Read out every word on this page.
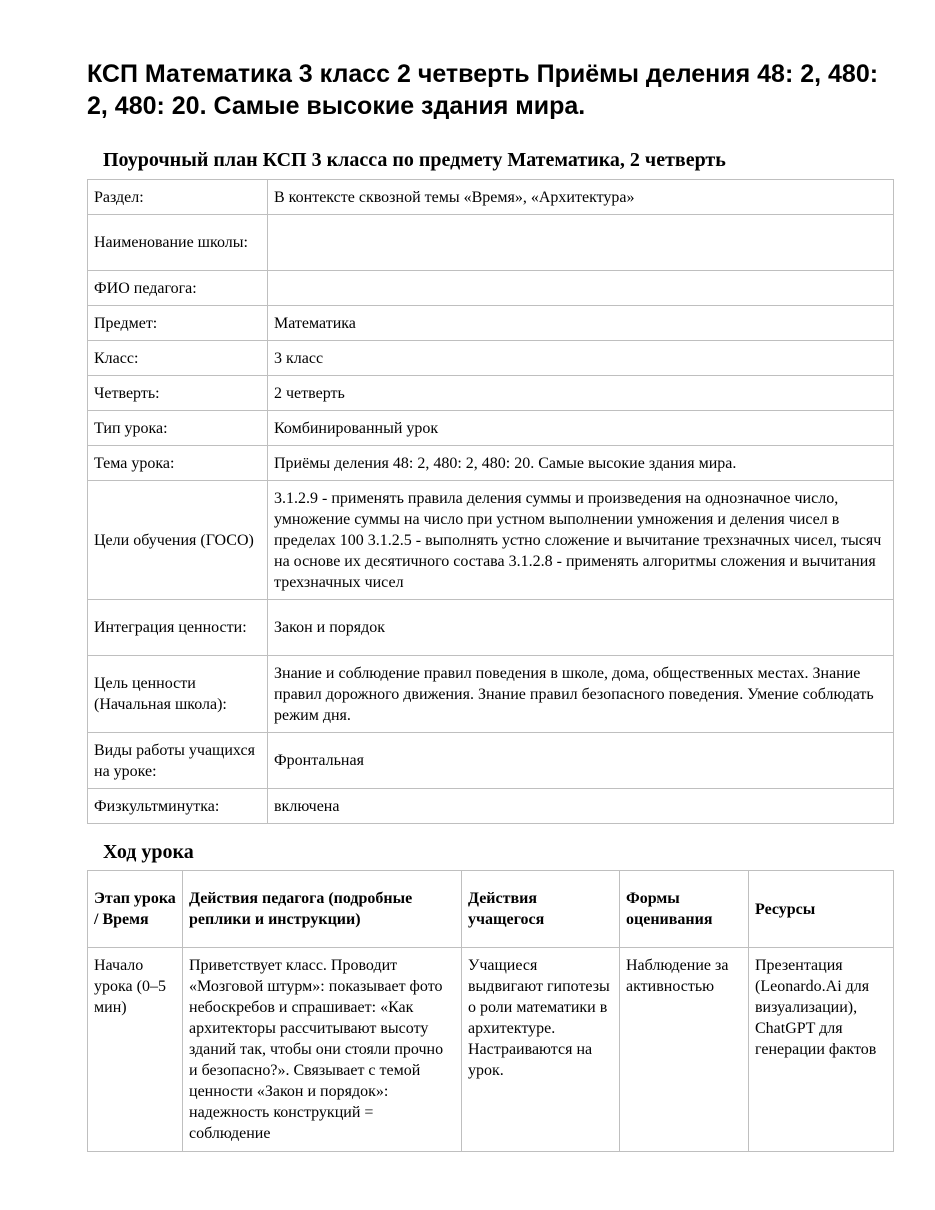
КСП Математика 3 класс 2 четверть Приёмы деления 48: 2, 480: 2, 480: 20. Самые высокие здания мира.
Поурочный план КСП 3 класса по предмету Математика, 2 четверть
Раздел:	В контексте сквозной темы «Время», «Архитектура»
Наименование школы:	
ФИО педагога:	
Предмет:	Математика
Класс:	3 класс
Четверть:	2 четверть
Тип урока:	Комбинированный урок
Тема урока:	Приёмы деления 48: 2, 480: 2, 480: 20. Самые высокие здания мира.
Цели обучения (ГОСО)	3.1.2.9 - применять правила деления суммы и произведения на однозначное число, умножение суммы на число при устном выполнении умножения и деления чисел в пределах 100 3.1.2.5 - выполнять устно сложение и вычитание трехзначных чисел, тысяч на основе их десятичного состава 3.1.2.8 - применять алгоритмы сложения и вычитания трехзначных чисел
Интеграция ценности:	Закон и порядок
Цель ценности (Начальная школа):	Знание и соблюдение правил поведения в школе, дома, общественных местах. Знание правил дорожного движения. Знание правил безопасного поведения. Умение соблюдать режим дня.
Виды работы учащихся на уроке:	Фронтальная
Физкультминутка:	включена
Ход урока
Этап урока / Время	Действия педагога (подробные реплики и инструкции)	Действия учащегося	Формы оценивания	Ресурсы
Начало урока (0–5 мин)	Приветствует класс. Проводит «Мозговой штурм»: показывает фото небоскребов и спрашивает: «Как архитекторы рассчитывают высоту зданий так, чтобы они стояли прочно и безопасно?». Связывает с темой ценности «Закон и порядок»: надежность конструкций = соблюдение	Учащиеся выдвигают гипотезы о роли математики в архитектуре. Настраиваются на урок.	Наблюдение за активностью	Презентация (Leonardo.Ai для визуализации), ChatGPT для генерации фактов
